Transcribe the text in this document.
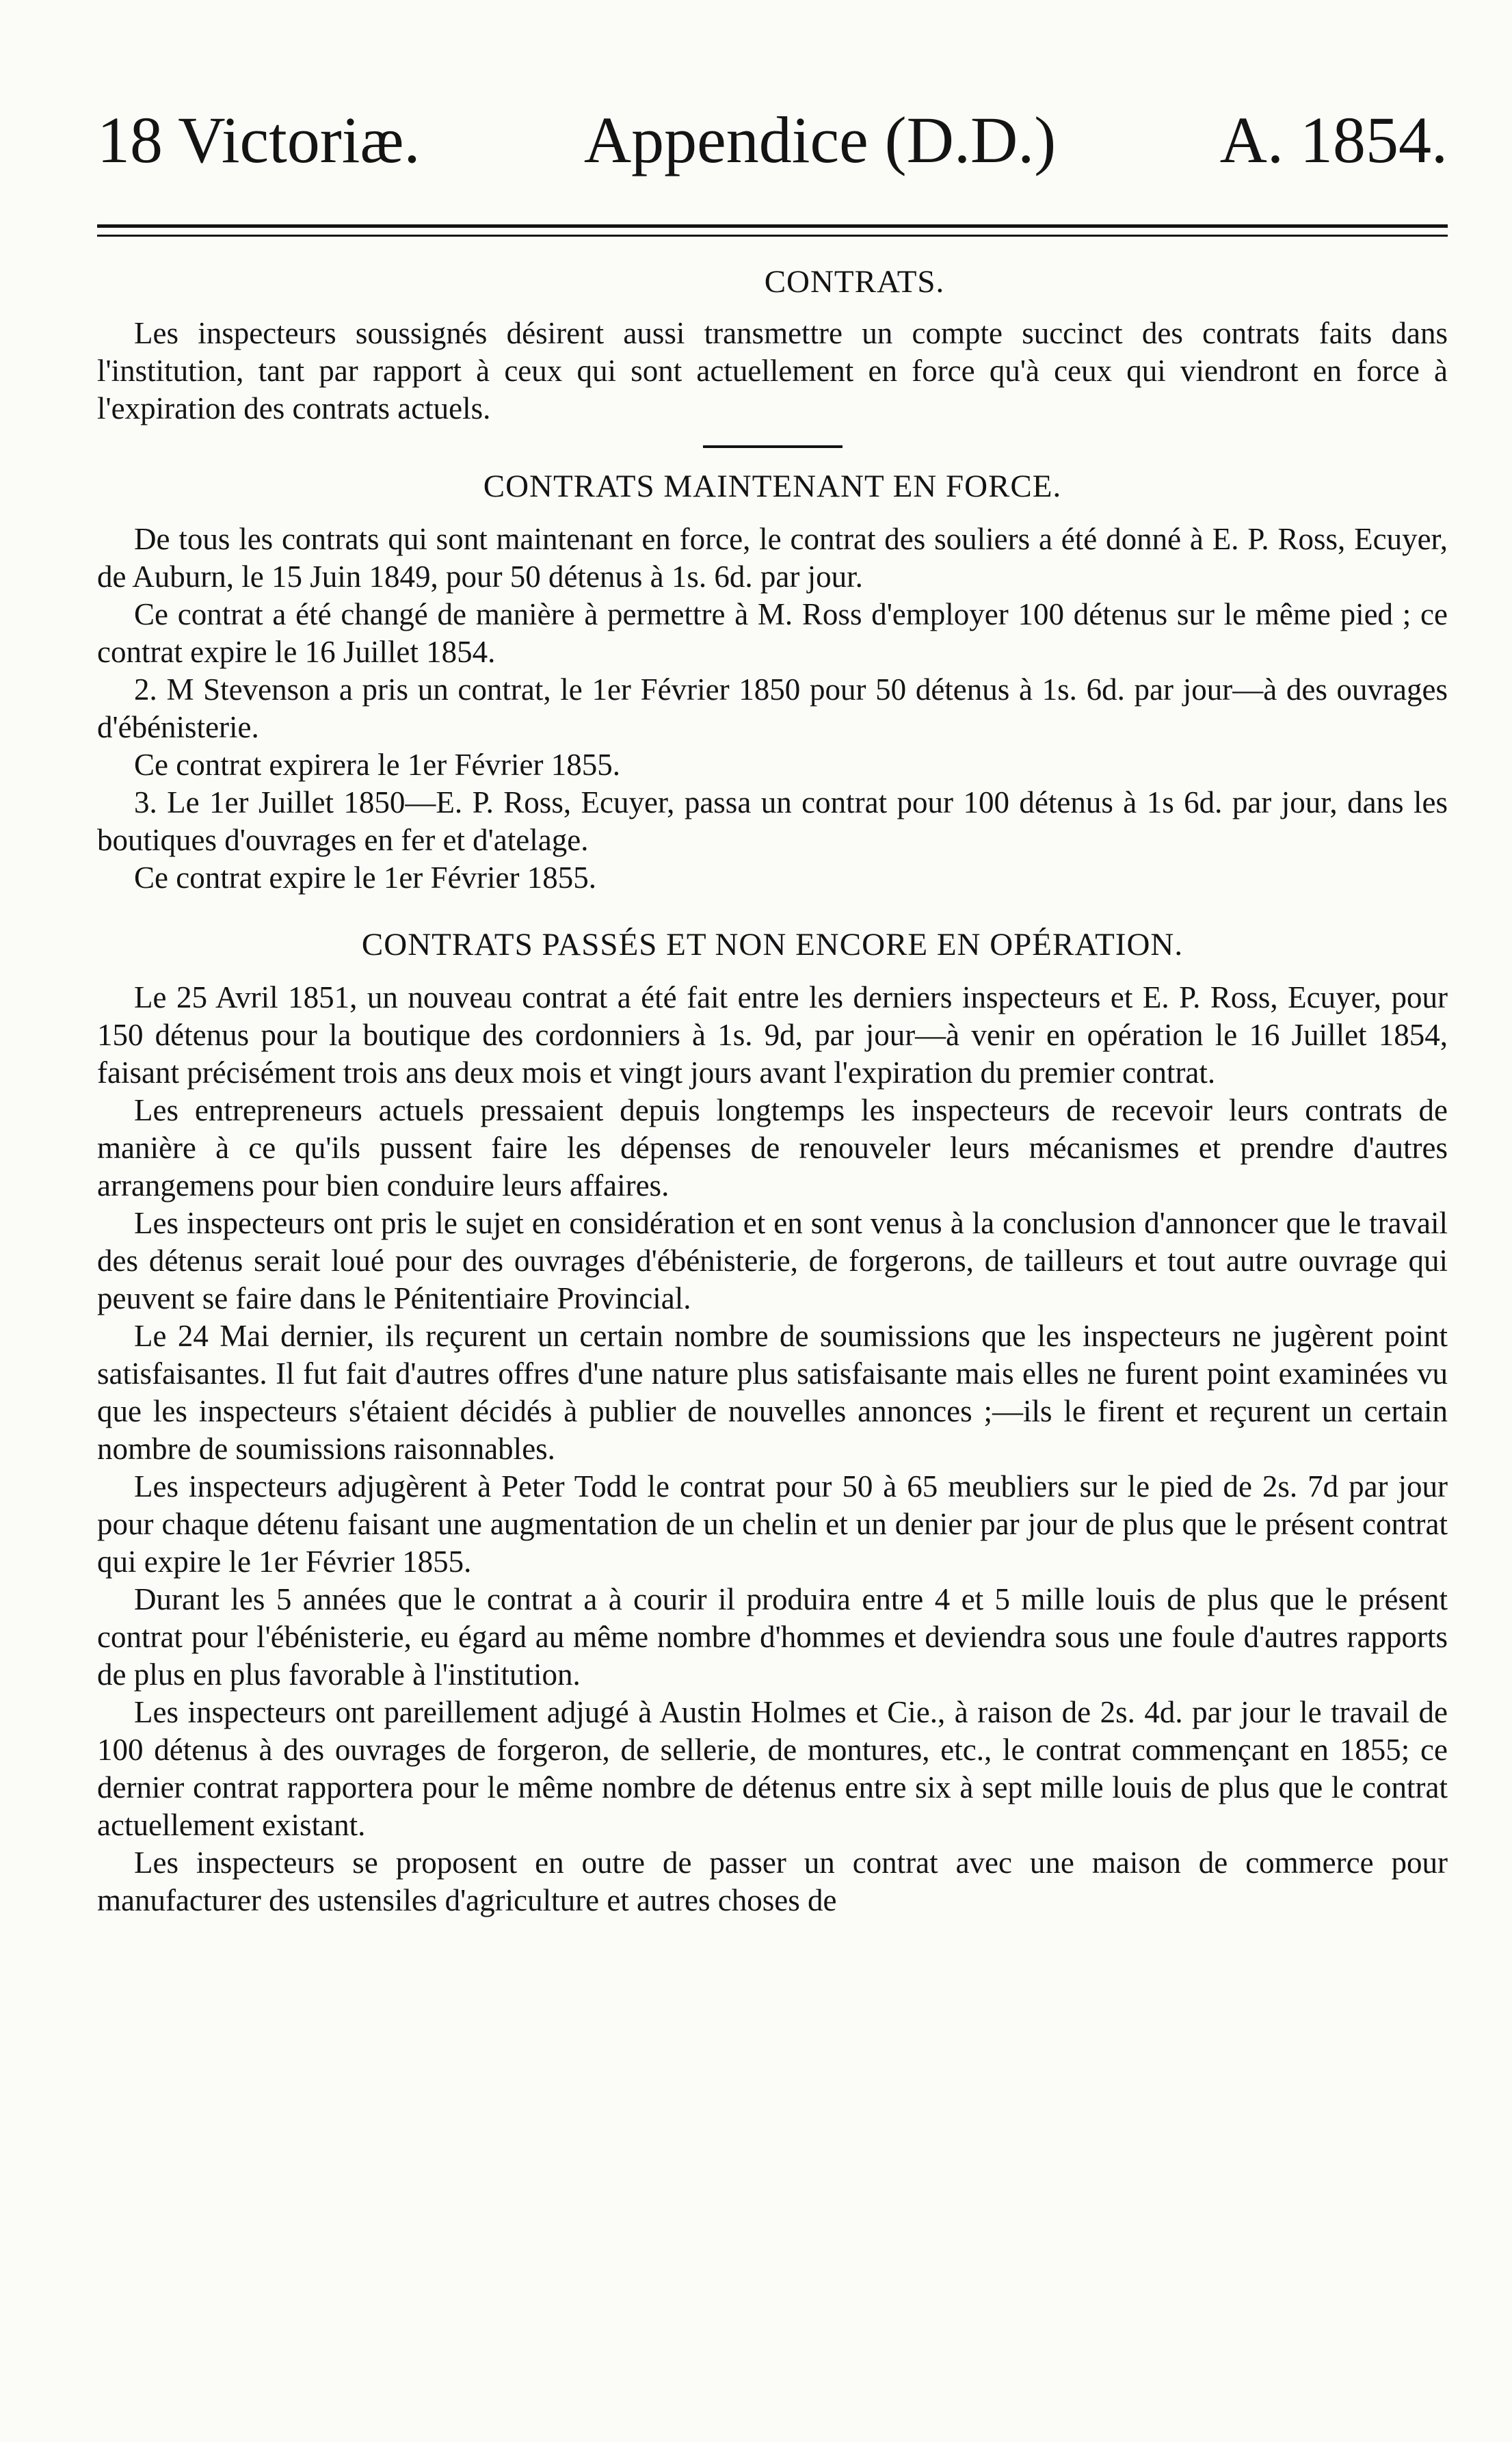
18 Victoriæ. Appendice (D.D.) A. 1854.
CONTRATS.

Les inspecteurs soussignés désirent aussi transmettre un compte succinct des contrats faits dans l'institution, tant par rapport à ceux qui sont actuellement en force qu'à ceux qui viendront en force à l'expiration des contrats actuels.

CONTRATS MAINTENANT EN FORCE.

De tous les contrats qui sont maintenant en force, le contrat des souliers a été donné à E. P. Ross, Ecuyer, de Auburn, le 15 Juin 1849, pour 50 détenus à 1s. 6d. par jour.

Ce contrat a été changé de manière à permettre à M. Ross d'employer 100 détenus sur le même pied ; ce contrat expire le 16 Juillet 1854.

2. M Stevenson a pris un contrat, le 1er Février 1850 pour 50 détenus à 1s. 6d. par jour—à des ouvrages d'ébénisterie.

Ce contrat expirera le 1er Février 1855.

3. Le 1er Juillet 1850—E. P. Ross, Ecuyer, passa un contrat pour 100 détenus à 1s 6d. par jour, dans les boutiques d'ouvrages en fer et d'atelage.

Ce contrat expire le 1er Février 1855.

CONTRATS PASSÉS ET NON ENCORE EN OPÉRATION.

Le 25 Avril 1851, un nouveau contrat a été fait entre les derniers inspecteurs et E. P. Ross, Ecuyer, pour 150 détenus pour la boutique des cordonniers à 1s. 9d, par jour—à venir en opération le 16 Juillet 1854, faisant précisément trois ans deux mois et vingt jours avant l'expiration du premier contrat.

Les entrepreneurs actuels pressaient depuis longtemps les inspecteurs de recevoir leurs contrats de manière à ce qu'ils pussent faire les dépenses de renouveler leurs mécanismes et prendre d'autres arrangemens pour bien conduire leurs affaires.

Les inspecteurs ont pris le sujet en considération et en sont venus à la conclusion d'annoncer que le travail des détenus serait loué pour des ouvrages d'ébénisterie, de forgerons, de tailleurs et tout autre ouvrage qui peuvent se faire dans le Pénitentiaire Provincial.

Le 24 Mai dernier, ils reçurent un certain nombre de soumissions que les inspecteurs ne jugèrent point satisfaisantes. Il fut fait d'autres offres d'une nature plus satisfaisante mais elles ne furent point examinées vu que les inspecteurs s'étaient décidés à publier de nouvelles annonces ;—ils le firent et reçurent un certain nombre de soumissions raisonnables.

Les inspecteurs adjugèrent à Peter Todd le contrat pour 50 à 65 meubliers sur le pied de 2s. 7d par jour pour chaque détenu faisant une augmentation de un chelin et un denier par jour de plus que le présent contrat qui expire le 1er Février 1855.

Durant les 5 années que le contrat a à courir il produira entre 4 et 5 mille louis de plus que le présent contrat pour l'ébénisterie, eu égard au même nombre d'hommes et deviendra sous une foule d'autres rapports de plus en plus favorable à l'institution.

Les inspecteurs ont pareillement adjugé à Austin Holmes et Cie., à raison de 2s. 4d. par jour le travail de 100 détenus à des ouvrages de forgeron, de sellerie, de montures, etc., le contrat commençant en 1855; ce dernier contrat rapportera pour le même nombre de détenus entre six à sept mille louis de plus que le contrat actuellement existant.

Les inspecteurs se proposent en outre de passer un contrat avec une maison de commerce pour manufacturer des ustensiles d'agriculture et autres choses de
